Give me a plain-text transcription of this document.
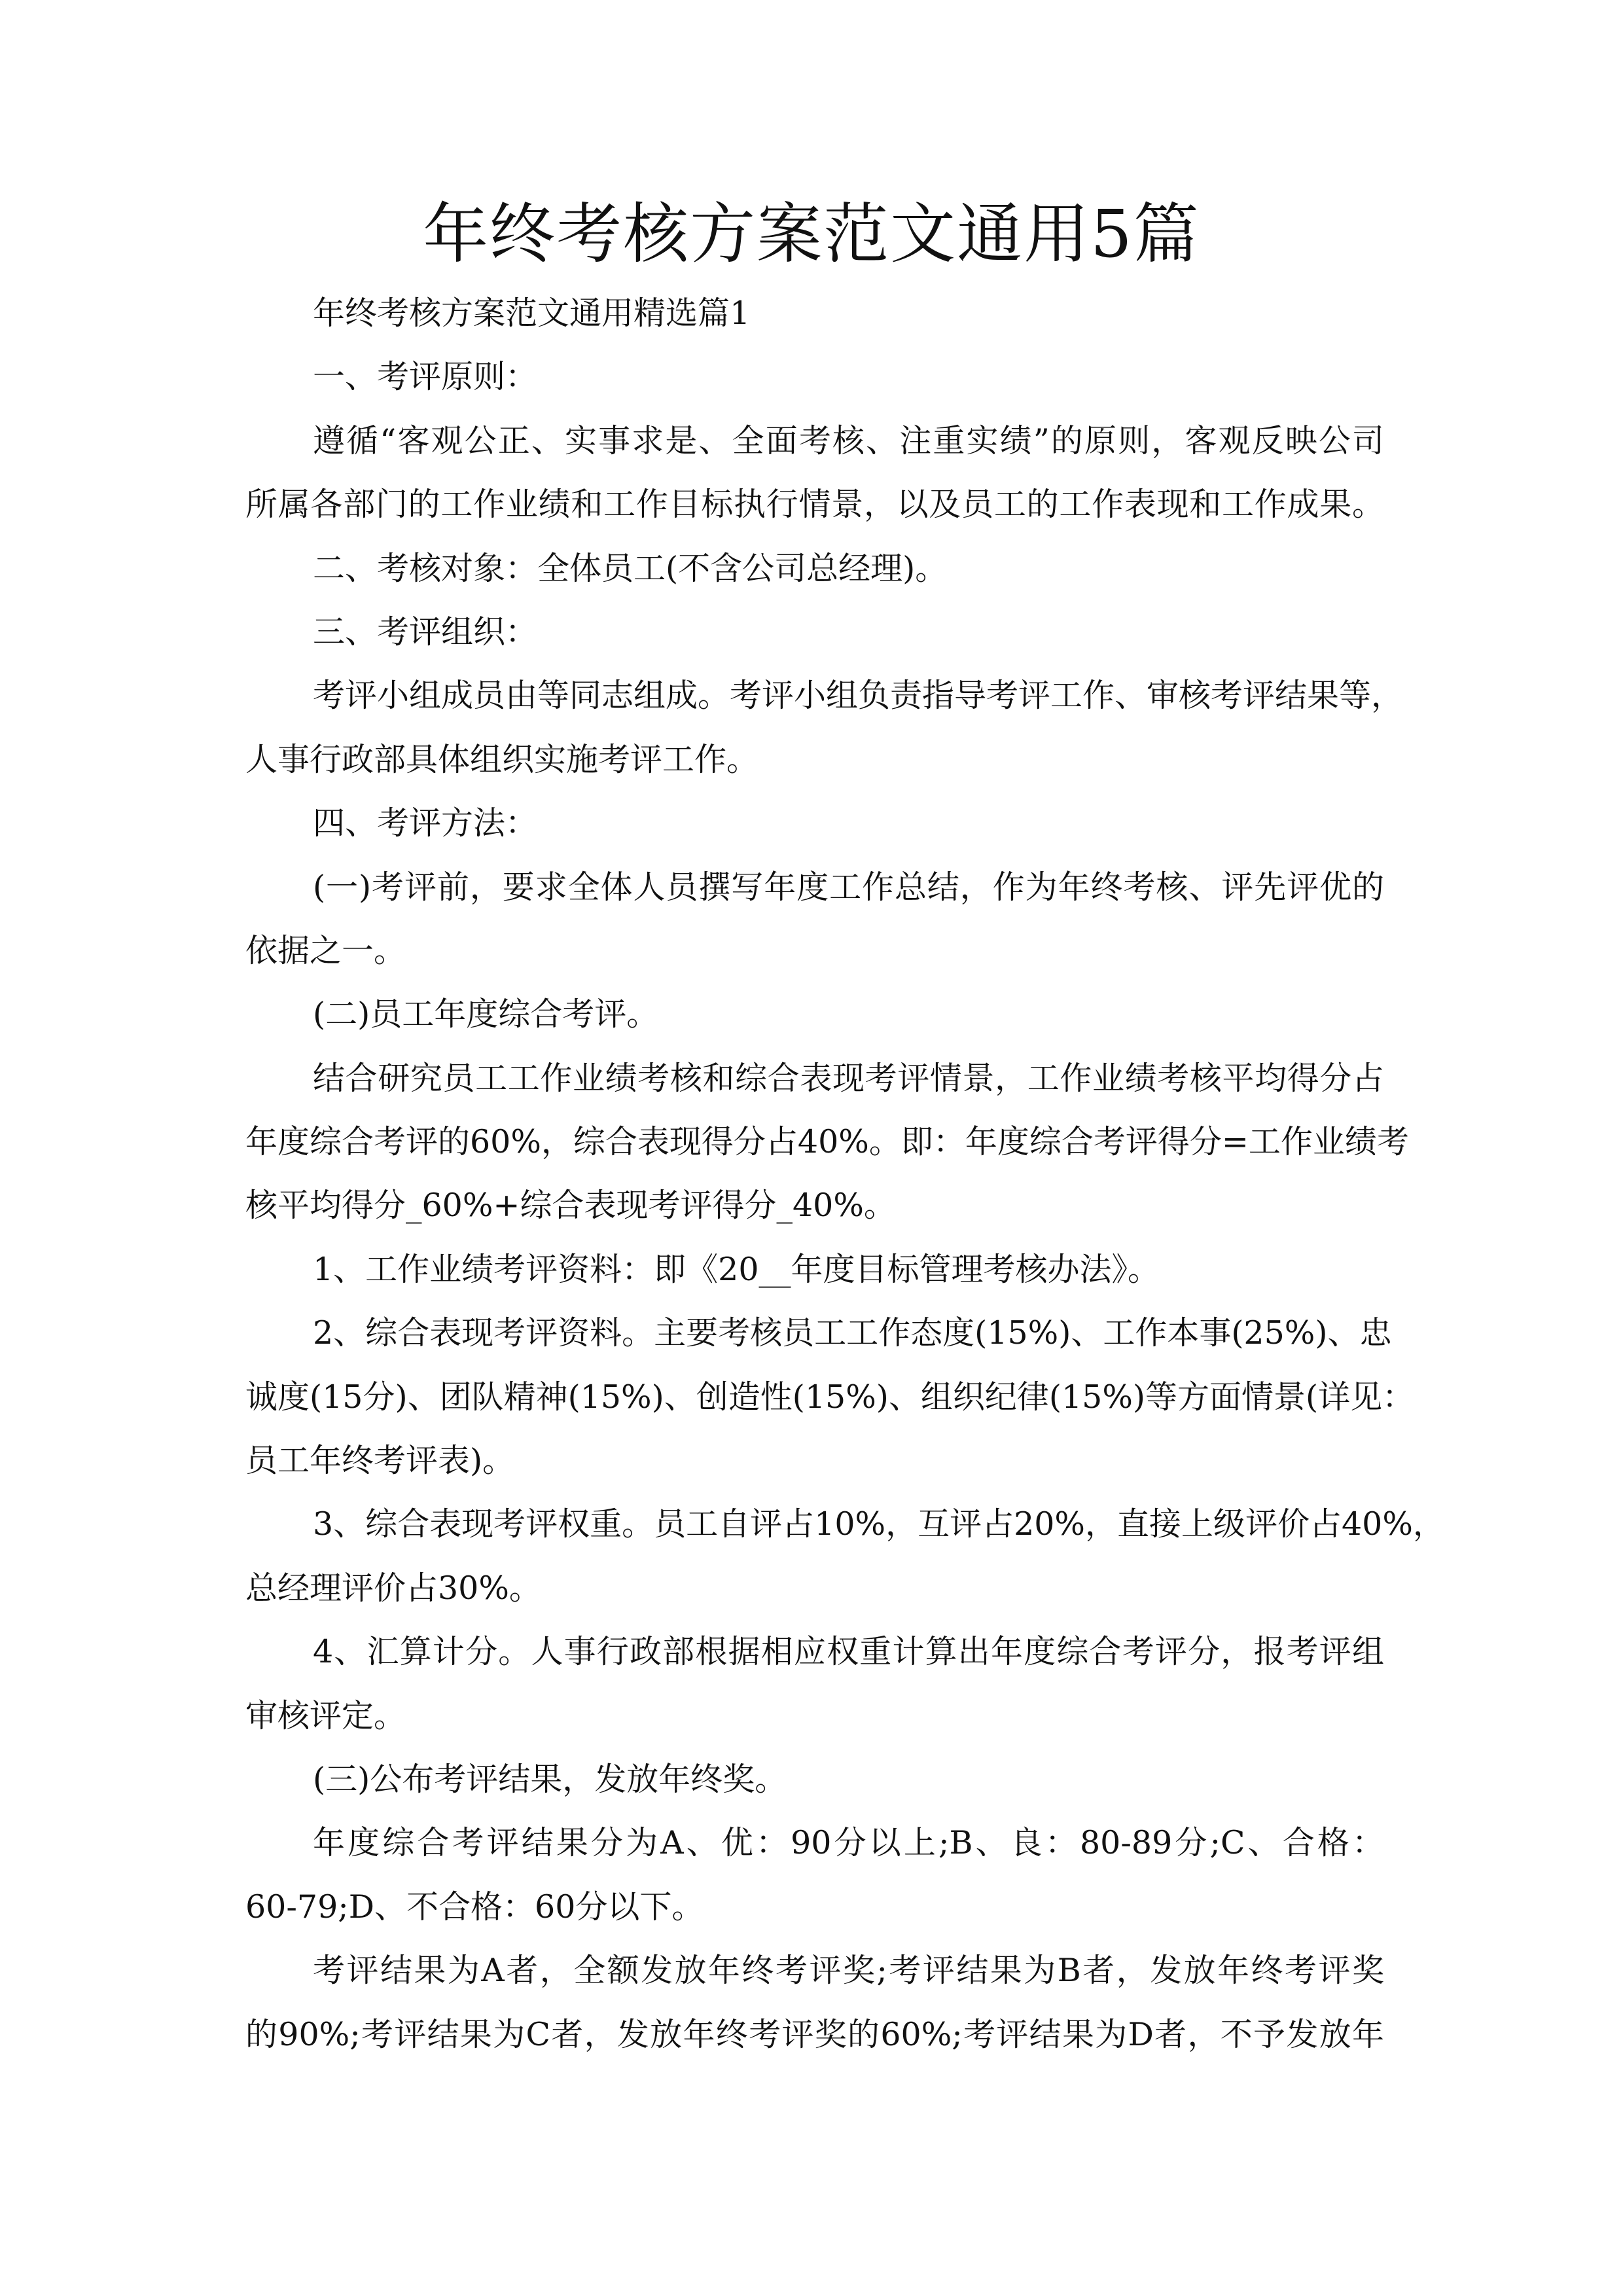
年终考核方案范文通用5篇
年终考核方案范文通用精选篇1
一、考评原则：
遵循“客观公正、实事求是、全面考核、注重实绩”的原则，客观反映公司
所属各部门的工作业绩和工作目标执行情景，以及员工的工作表现和工作成果。
二、考核对象：全体员工(不含公司总经理)。
三、考评组织：
考评小组成员由等同志组成。考评小组负责指导考评工作、审核考评结果等，
人事行政部具体组织实施考评工作。
四、考评方法：
(一)考评前，要求全体人员撰写年度工作总结，作为年终考核、评先评优的
依据之一。
(二)员工年度综合考评。
结合研究员工工作业绩考核和综合表现考评情景，工作业绩考核平均得分占
年度综合考评的60%，综合表现得分占40%。即：年度综合考评得分=工作业绩考
核平均得分_60%+综合表现考评得分_40%。
1、工作业绩考评资料：即《20__年度目标管理考核办法》。
2、综合表现考评资料。主要考核员工工作态度(15%)、工作本事(25%)、忠
诚度(15分)、团队精神(15%)、创造性(15%)、组织纪律(15%)等方面情景(详见：
员工年终考评表)。
3、综合表现考评权重。员工自评占10%，互评占20%，直接上级评价占40%，
总经理评价占30%。
4、汇算计分。人事行政部根据相应权重计算出年度综合考评分，报考评组
审核评定。
(三)公布考评结果，发放年终奖。
年度综合考评结果分为A、优：90分以上;B、良：80-89分;C、合格：
60-79;D、不合格：60分以下。
考评结果为A者，全额发放年终考评奖;考评结果为B者，发放年终考评奖
的90%;考评结果为C者，发放年终考评奖的60%;考评结果为D者，不予发放年
